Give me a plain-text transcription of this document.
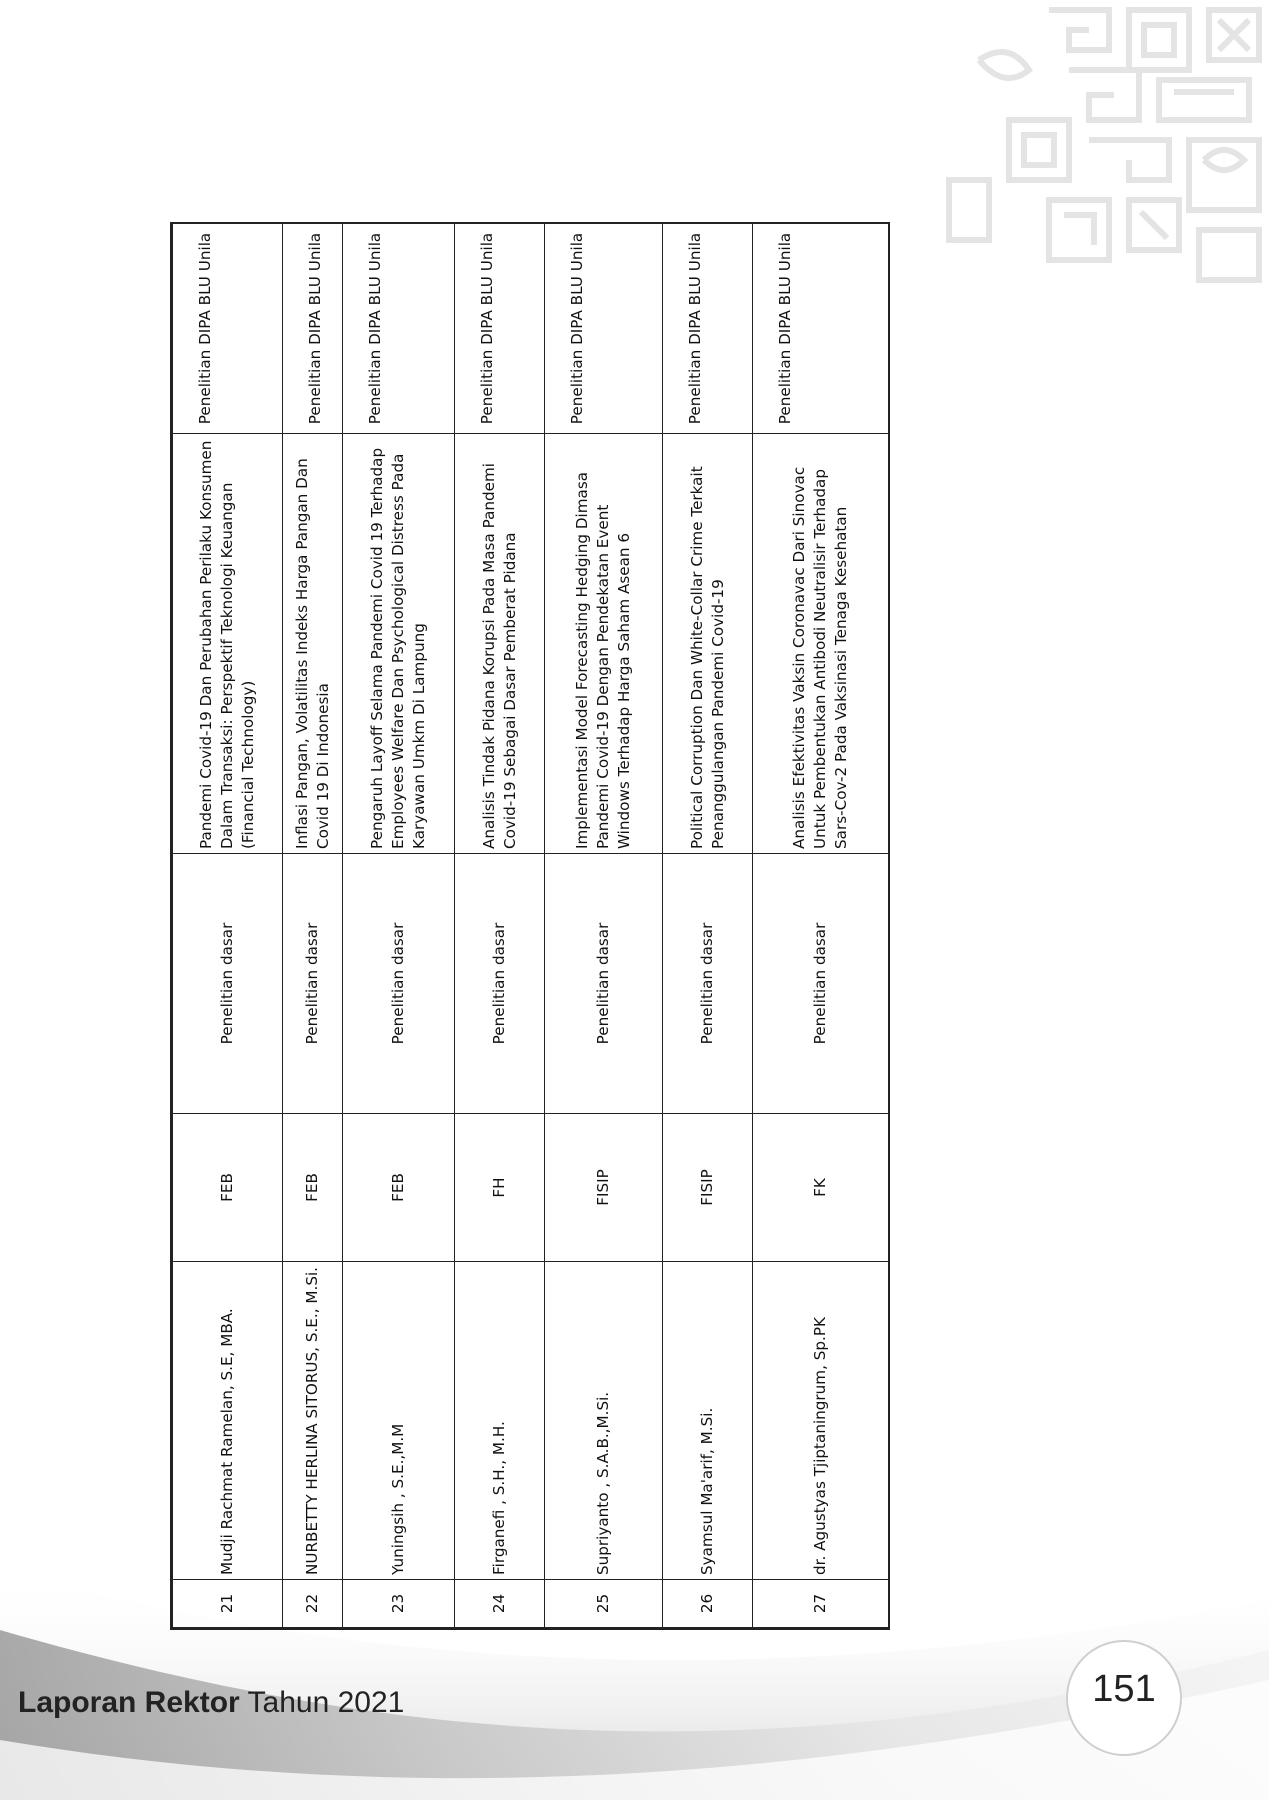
21	Mudji Rachmat Ramelan, S.E, MBA.	FEB	Penelitian dasar	Pandemi Covid-19 Dan Perubahan Perilaku Konsumen Dalam Transaksi: Perspektif Teknologi Keuangan (Financial Technology)	Penelitian DIPA BLU Unila
22	NURBETTY HERLINA SITORUS, S.E., M.Si.	FEB	Penelitian dasar	Inflasi Pangan, Volatilitas Indeks Harga Pangan Dan Covid 19 Di Indonesia	Penelitian DIPA BLU Unila
23	Yuningsih , S.E.,M.M	FEB	Penelitian dasar	Pengaruh Layoff Selama Pandemi Covid 19 Terhadap Employees Welfare Dan Psychological Distress Pada Karyawan Umkm Di Lampung	Penelitian DIPA BLU Unila
24	Firganefi , S.H., M.H.	FH	Penelitian dasar	Analisis Tindak Pidana Korupsi Pada Masa Pandemi Covid-19 Sebagai Dasar Pemberat Pidana	Penelitian DIPA BLU Unila
25	Supriyanto , S.A.B.,M.Si.	FISIP	Penelitian dasar	Implementasi Model Forecasting Hedging Dimasa Pandemi Covid-19 Dengan Pendekatan Event Windows Terhadap Harga Saham Asean 6	Penelitian DIPA BLU Unila
26	Syamsul Ma'arif, M.Si.	FISIP	Penelitian dasar	Political Corruption Dan White-Collar Crime Terkait Penanggulangan Pandemi Covid-19	Penelitian DIPA BLU Unila
27	dr. Agustyas Tjiptaningrum, Sp.PK	FK	Penelitian dasar	Analisis Efektivitas Vaksin Coronavac Dari Sinovac Untuk Pembentukan Antibodi Neutralisir Terhadap Sars-Cov-2 Pada Vaksinasi Tenaga Kesehatan	Penelitian DIPA BLU Unila
Laporan Rektor Tahun 2021	151
